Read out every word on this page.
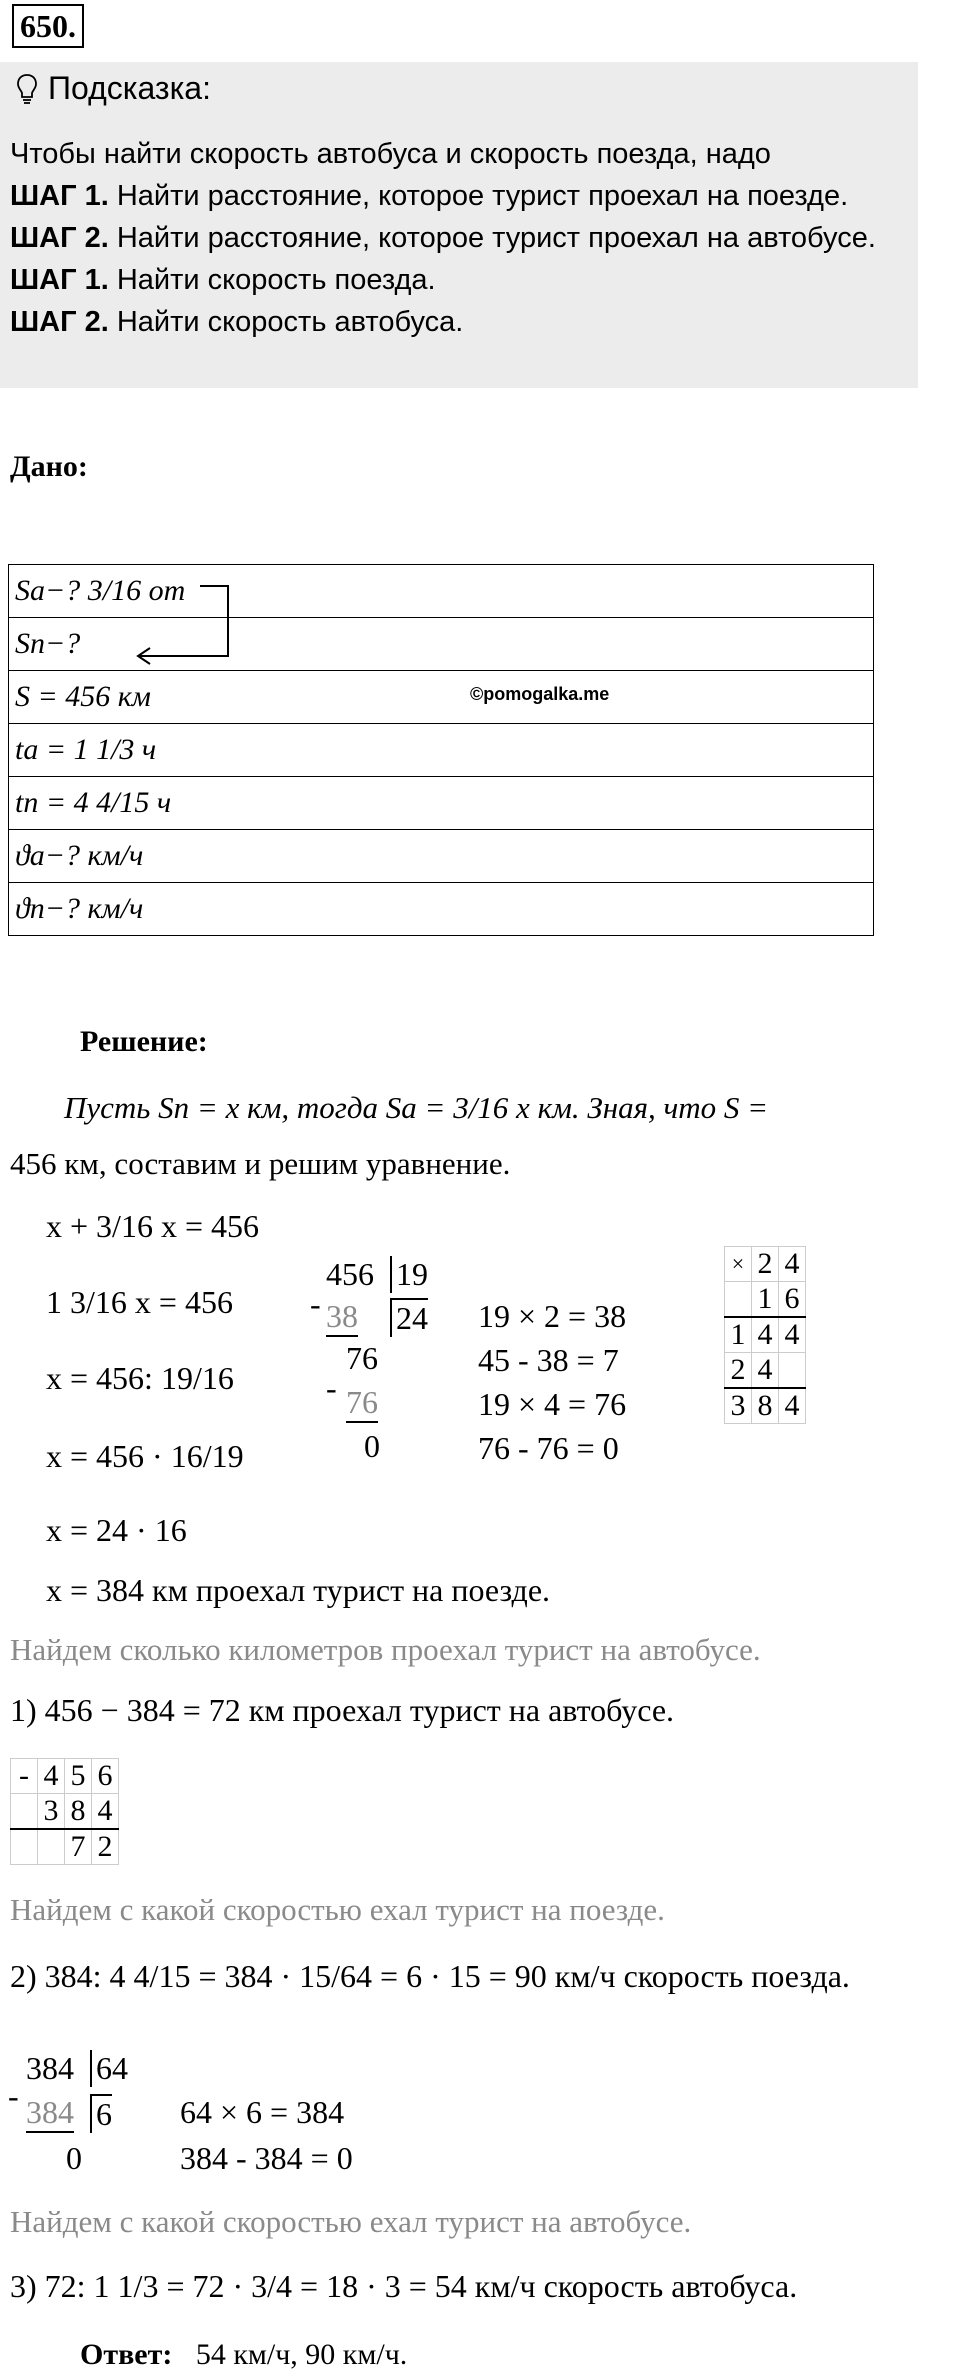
650.
Подсказка:
Чтобы найти скорость автобуса и скорость поезда, надо
ШАГ 1. Найти расстояние, которое турист проехал на поезде.
ШАГ 2. Найти расстояние, которое турист проехал на автобусе.
ШАГ 1. Найти скорость поезда.
ШАГ 2. Найти скорость автобуса.
Дано:
Sа−? 3/16 от
Sп−?
S = 456 км
tа = 1 1/3 ч
tп = 4 4/15 ч
ϑа−? км/ч
ϑп−? км/ч
©pomogalka.me
Решение:
Пусть Sп = x км, тогда Sа = 3/16 x км. Зная, что S =
456 км, составим и решим уравнение.
x + 3/16 x = 456
1 3/16 x = 456
x = 456: 19/16
x = 456 · 16/19
x = 24 · 16
x = 384 км проехал турист на поезде.
456 19
24
- 38
76
- 76
0
19 × 2 = 38
45 - 38 = 7
19 × 4 = 76
76 - 76 = 0
×	2	4
	1	6
1	4	4
2	4	
3	8	4
Найдем сколько километров проехал турист на автобусе.
1) 456 − 384 = 72 км проехал турист на автобусе.
-	4	5	6
	3	8	4
		7	2
Найдем с какой скоростью ехал турист на поезде.
2) 384: 4 4/15 = 384 · 15/64 = 6 · 15 = 90 км/ч скорость поезда.
384 64
- 384 6
0
64 × 6 = 384
384 - 384 = 0
Найдем с какой скоростью ехал турист на автобусе.
3) 72: 1 1/3 = 72 · 3/4 = 18 · 3 = 54 км/ч скорость автобуса.
Ответ: 54 км/ч, 90 км/ч.
